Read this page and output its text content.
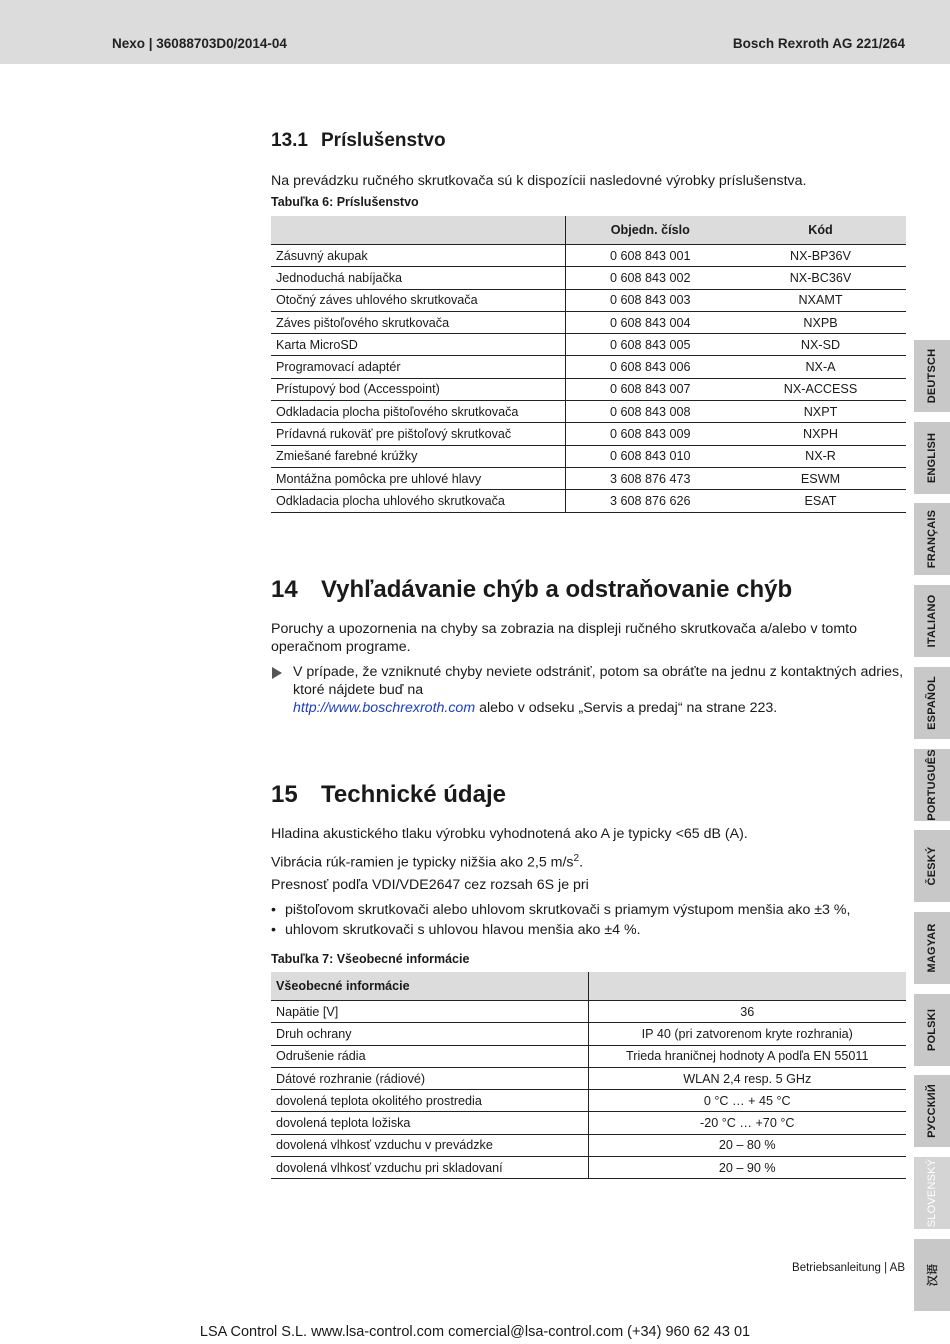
Nexo | 36088703D0/2014-04	Bosch Rexroth AG 221/264
13.1 Príslušenstvo
Na prevádzku ručného skrutkovača sú k dispozícii nasledovné výrobky príslušenstva.
Tabuľka 6: Príslušenstvo
	Objedn. číslo	Kód
Zásuvný akupak	0 608 843 001	NX-BP36V
Jednoduchá nabíjačka	0 608 843 002	NX-BC36V
Otočný záves uhlového skrutkovača	0 608 843 003	NXAMT
Záves pištoľového skrutkovača	0 608 843 004	NXPB
Karta MicroSD	0 608 843 005	NX-SD
Programovací adaptér	0 608 843 006	NX-A
Prístupový bod (Accesspoint)	0 608 843 007	NX-ACCESS
Odkladacia plocha pištoľového skrutkovača	0 608 843 008	NXPT
Prídavná rukoväť pre pištoľový skrutkovač	0 608 843 009	NXPH
Zmiešané farebné krúžky	0 608 843 010	NX-R
Montážna pomôcka pre uhlové hlavy	3 608 876 473	ESWM
Odkladacia plocha uhlového skrutkovača	3 608 876 626	ESAT
14 Vyhľadávanie chýb a odstraňovanie chýb
Poruchy a upozornenia na chyby sa zobrazia na displeji ručného skrutkovača a/alebo v tomto operačnom programe.
V prípade, že vzniknuté chyby neviete odstrániť, potom sa obráťte na jednu z kontaktných adries,
ktoré nájdete buď na
http://www.boschrexroth.com alebo v odseku „Servis a predaj“ na strane 223.
15 Technické údaje
Hladina akustického tlaku výrobku vyhodnotená ako A je typicky <65 dB (A).
Vibrácia rúk-ramien je typicky nižšia ako 2,5 $m/s^2$.
Presnosť podľa VDI/VDE2647 cez rozsah 6S je pri
• pištoľovom skrutkovači alebo uhlovom skrutkovači s priamym výstupom menšia ako ±3 %,
• uhlovom skrutkovači s uhlovou hlavou menšia ako ±4 %.
Tabuľka 7: Všeobecné informácie
Všeobecné informácie	
Napätie [V]	36
Druh ochrany	IP 40 (pri zatvorenom kryte rozhrania)
Odrušenie rádia	Trieda hraničnej hodnoty A podľa EN 55011
Dátové rozhranie (rádiové)	WLAN 2,4 resp. 5 GHz
dovolená teplota okolitého prostredia	0 °C … + 45 °C
dovolená teplota ložiska	-20 °C … +70 °C
dovolená vlhkosť vzduchu v prevádzke	20 – 80 %
dovolená vlhkosť vzduchu pri skladovaní	20 – 90 %
DEUTSCH
ENGLISH
FRANÇAIS
ITALIANO
ESPAÑOL
PORTUGUÊS
ČESKÝ
MAGYAR
POLSKI
РУССКИЙ
SLOVENSKÝ
汉语
Betriebsanleitung | AB
LSA Control S.L. www.lsa-control.com comercial@lsa-control.com (+34) 960 62 43 01
